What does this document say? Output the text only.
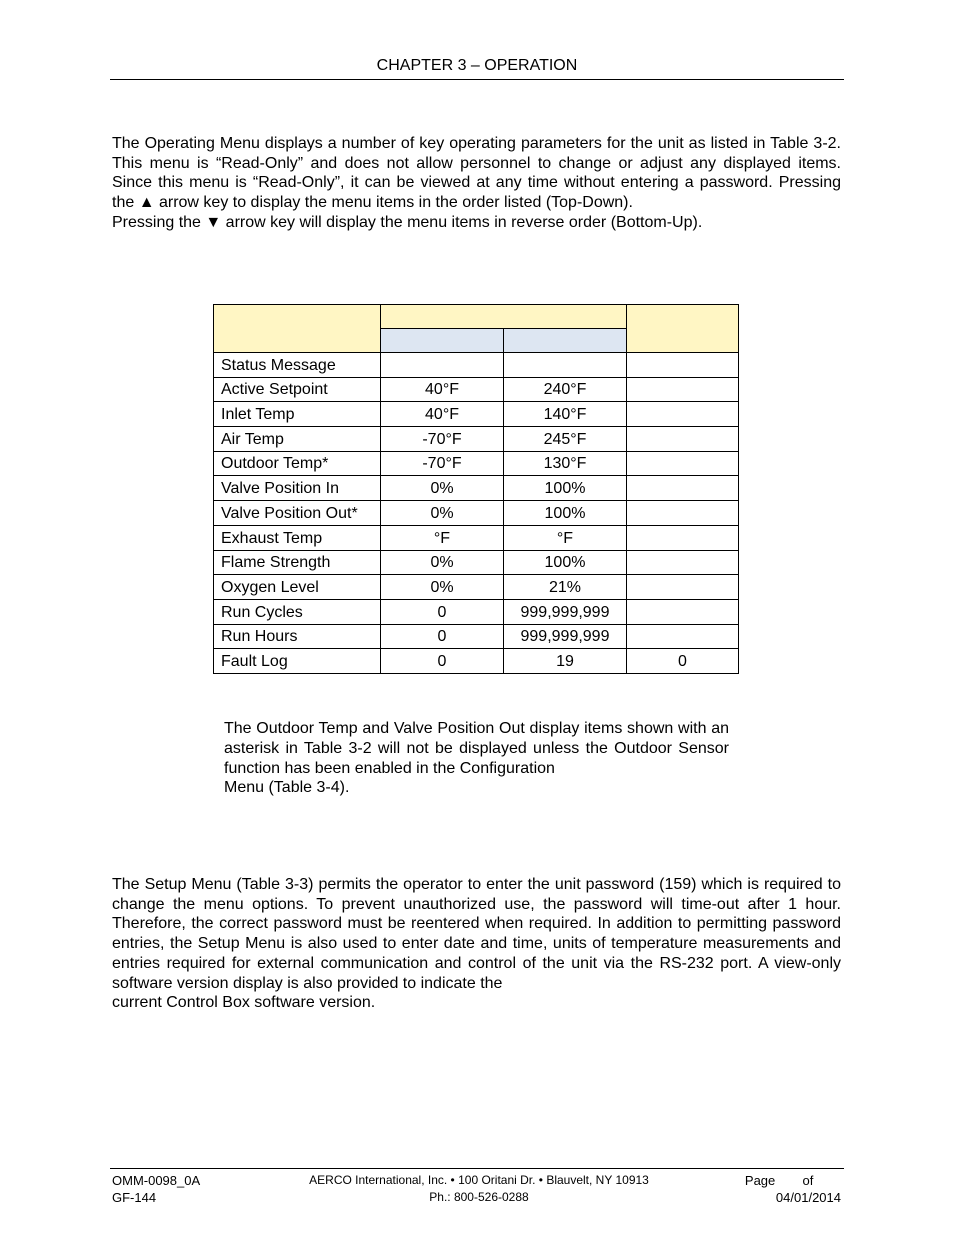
CHAPTER 3 – OPERATION
The Operating Menu displays a number of key operating parameters for the unit as listed in Table 3-2. This menu is “Read-Only” and does not allow personnel to change or adjust any displayed items. Since this menu is “Read-Only”, it can be viewed at any time without entering a password. Pressing the ▲ arrow key to display the menu items in the order listed (Top-Down).
Pressing the ▼ arrow key will display the menu items in reverse order (Bottom-Up).

Status Message			
Active Setpoint	40°F	240°F	
Inlet Temp	40°F	140°F	
Air Temp	-70°F	245°F	
Outdoor Temp*	-70°F	130°F	
Valve Position In	0%	100%	
Valve Position Out*	0%	100%	
Exhaust Temp	°F	°F	
Flame Strength	0%	100%	
Oxygen Level	0%	21%	
Run Cycles	0	999,999,999	
Run Hours	0	999,999,999	
Fault Log	0	19	0
The Outdoor Temp and Valve Position Out display items shown with an asterisk in Table 3-2 will not be displayed unless the Outdoor Sensor function has been enabled in the Configuration
Menu (Table 3-4).
The Setup Menu (Table 3-3) permits the operator to enter the unit password (159) which is required to change the menu options. To prevent unauthorized use, the password will time-out after 1 hour. Therefore, the correct password must be reentered when required. In addition to permitting password entries, the Setup Menu is also used to enter date and time, units of temperature measurements and entries required for external communication and control of the unit via the RS-232 port. A view-only software version display is also provided to indicate the
current Control Box software version.
OMM-0098_0A
GF-144
AERCO International, Inc. • 100 Oritani Dr. • Blauvelt, NY 10913
Ph.: 800-526-0288
Page of
04/01/2014
